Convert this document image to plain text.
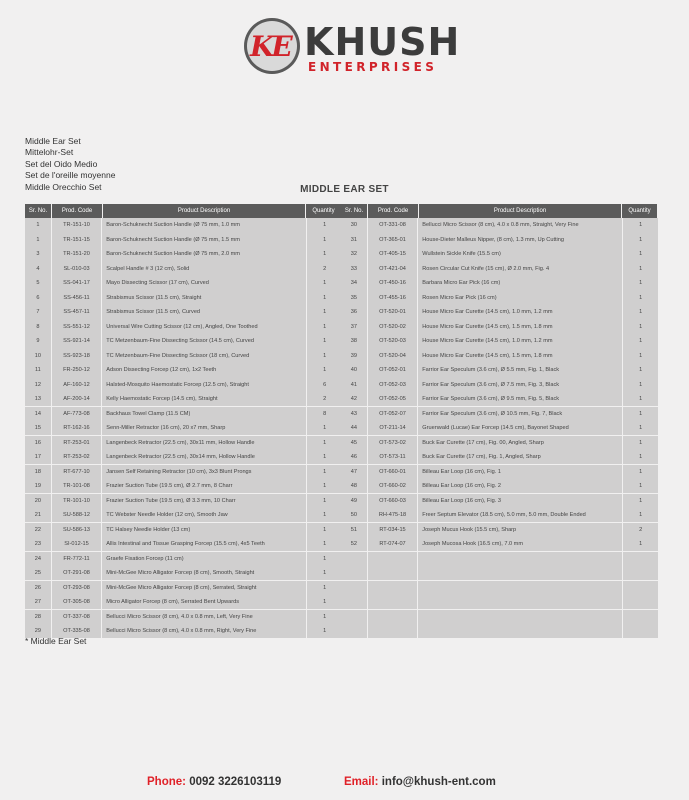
KE KHUSH
ENTERPRISES
Middle Ear Set
Mittelohr-Set
Set del Oido Medio
Set de l'oreille moyenne
Middle Orecchio Set	MIDDLE EAR SET
Sr. No.	Prod. Code	Product Description	Quantity
1	TR-151-10	Baron-Schuknecht Suction Handle (Ø 75 mm, 1.0 mm	1
1	TR-151-15	Baron-Schuknecht Suction Handle (Ø 75 mm, 1.5 mm	1
3	TR-151-20	Baron-Schuknecht Suction Handle (Ø 75 mm, 2.0 mm	1
4	SL-010-03	Scalpel Handle # 3 (12 cm), Solid	2
5	SS-041-17	Mayo Dissecting Scissor (17 cm), Curved	1
6	SS-456-11	Strabismus Scissor (11.5 cm), Straight	1
7	SS-457-11	Strabismus Scissor (11.5 cm), Curved	1
8	SS-551-12	Universal Wire Cutting Scissor (12 cm), Angled, One Toothed	1
9	SS-921-14	TC Metzenbaum-Fine Dissecting Scissor (14.5 cm), Curved	1
10	SS-923-18	TC Metzenbaum-Fine Dissecting Scissor (18 cm), Curved	1
11	FR-250-12	Adson Dissecting Forcep (12 cm), 1x2 Teeth	1
12	AF-160-12	Halsted-Mosquito Haemostatic Forcep (12.5 cm), Straight	6
13	AF-200-14	Kelly Haemostatic Forcep (14.5 cm), Straight	2
14	AF-773-08	Backhaus Towel Clamp (11.5 CM)	8
15	RT-162-16	Senn-Miller Retractor (16 cm), 20 x7 mm, Sharp	1
16	RT-253-01	Langenbeck Retractor (22.5 cm), 30x11 mm, Hollow Handle	1
17	RT-253-02	Langenbeck Retractor (22.5 cm), 30x14 mm, Hollow Handle	1
18	RT-677-10	Jansen Self Retaining Retractor (10 cm), 3x3 Blunt Prongs	1
19	TR-101-08	Frazier Suction Tube (19.5 cm), Ø 2.7 mm, 8 Charr	1
20	TR-101-10	Frazier Suction Tube (19.5 cm), Ø 3.3 mm, 10 Charr	1
21	SU-588-12	TC Webster Needle Holder (12 cm), Smooth Jaw	1
22	SU-586-13	TC Halsey Needle Holder (13 cm)	1
23	SI-012-15	Allis Intestinal and Tissue Grasping Forcep (15.5 cm), 4x5 Teeth	1
24	FR-772-11	Graefe Fixation Forcep (11 cm)	1
25	OT-291-08	Mini-McGee Micro Alligator Forcep (8 cm), Smooth, Straight	1
26	OT-293-08	Mini-McGee Micro Alligator Forcep (8 cm), Serrated, Straight	1
27	OT-305-08	Micro Alligator Forcep (8 cm), Serrated Bent Upwards	1
28	OT-337-08	Bellucci Micro Scissor (8 cm), 4.0 x 0.8 mm, Left, Very Fine	1
29	OT-335-08	Bellucci Micro Scissor (8 cm), 4.0 x 0.8 mm, Right, Very Fine	1
Sr. No.	Prod. Code	Product Description	Quantity
30	OT-331-08	Bellucci Micro Scissor (8 cm), 4.0 x 0.8 mm, Straight, Very Fine	1
31	OT-365-01	House-Dieter Malleus Nipper, (8 cm), 1.3 mm, Up Cutting	1
32	OT-405-15	Wullstein Sickle Knife (15.5 cm)	1
33	OT-421-04	Rosen Circular Cut Knife (15 cm), Ø 2.0 mm, Fig. 4	1
34	OT-450-16	Barbara Micro Ear Pick (16 cm)	1
35	OT-455-16	Rosen Micro Ear Pick (16 cm)	1
36	OT-520-01	House Micro Ear Curette (14.5 cm), 1.0 mm, 1.2 mm	1
37	OT-520-02	House Micro Ear Curette (14.5 cm), 1.5 mm, 1.8 mm	1
38	OT-520-03	House Micro Ear Curette (14.5 cm), 1.0 mm, 1.2 mm	1
39	OT-520-04	House Micro Ear Curette (14.5 cm), 1.5 mm, 1.8 mm	1
40	OT-052-01	Farrior Ear Speculum (3.6 cm), Ø 5.5 mm, Fig. 1, Black	1
41	OT-052-03	Farrior Ear Speculum (3.6 cm), Ø 7.5 mm, Fig. 3, Black	1
42	OT-052-05	Farrior Ear Speculum (3.6 cm), Ø 9.5 mm, Fig. 5, Black	1
43	OT-052-07	Farrior Ear Speculum (3.6 cm), Ø 10.5 mm, Fig. 7, Black	1
44	OT-211-14	Gruenwald (Lucae) Ear Forcep (14.5 cm), Bayonet Shaped	1
45	OT-573-02	Buck Ear Curette (17 cm), Fig. 00, Angled, Sharp	1
46	OT-573-11	Buck Ear Curette (17 cm), Fig. 1, Angled, Sharp	1
47	OT-660-01	Billeau Ear Loop (16 cm), Fig. 1	1
48	OT-660-02	Billeau Ear Loop (16 cm), Fig. 2	1
49	OT-660-03	Billeau Ear Loop (16 cm), Fig. 3	1
50	RH-475-18	Freer Septum Elevator (18.5 cm), 5.0 mm, 5.0 mm, Double Ended	1
51	RT-034-15	Joseph Mucus Hook (15.5 cm), Sharp	2
52	RT-074-07	Joseph Mucosa Hook (16.5 cm), 7.0 mm	1
* Middle Ear Set
Phone: 0092 3226103119	Email: info@khush-ent.com
